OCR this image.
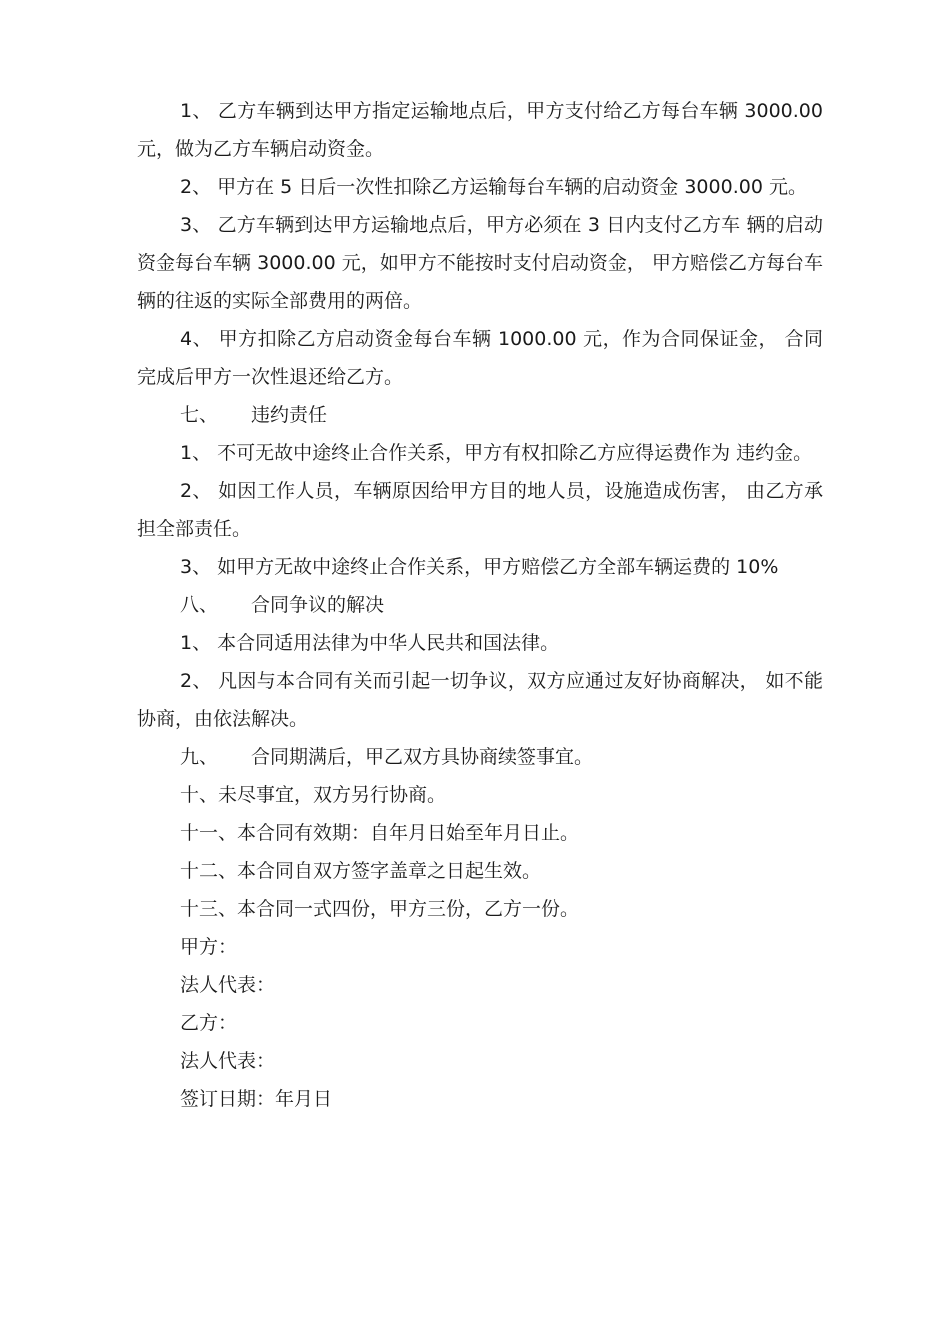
1、 乙方车辆到达甲方指定运输地点后，甲方支付给乙方每台车辆 3000.00 元，做为乙方车辆启动资金。

2、 甲方在 5 日后一次性扣除乙方运输每台车辆的启动资金 3000.00 元。

3、 乙方车辆到达甲方运输地点后，甲方必须在 3 日内支付乙方车 辆的启动资金每台车辆 3000.00 元，如甲方不能按时支付启动资金， 甲方赔偿乙方每台车辆的往返的实际全部费用的两倍。

4、 甲方扣除乙方启动资金每台车辆 1000.00 元，作为合同保证金， 合同完成后甲方一次性退还给乙方。

七、 违约责任

1、 不可无故中途终止合作关系，甲方有权扣除乙方应得运费作为 违约金。

2、 如因工作人员，车辆原因给甲方目的地人员，设施造成伤害， 由乙方承担全部责任。

3、 如甲方无故中途终止合作关系，甲方赔偿乙方全部车辆运费的 10%

八、 合同争议的解决

1、 本合同适用法律为中华人民共和国法律。

2、 凡因与本合同有关而引起一切争议，双方应通过友好协商解决， 如不能协商，由依法解决。

九、 合同期满后，甲乙双方具协商续签事宜。

十、未尽事宜，双方另行协商。

十一、本合同有效期：自年月日始至年月日止。

十二、本合同自双方签字盖章之日起生效。

十三、本合同一式四份，甲方三份，乙方一份。

甲方：

法人代表：

乙方：

法人代表：

签订日期：年月日
